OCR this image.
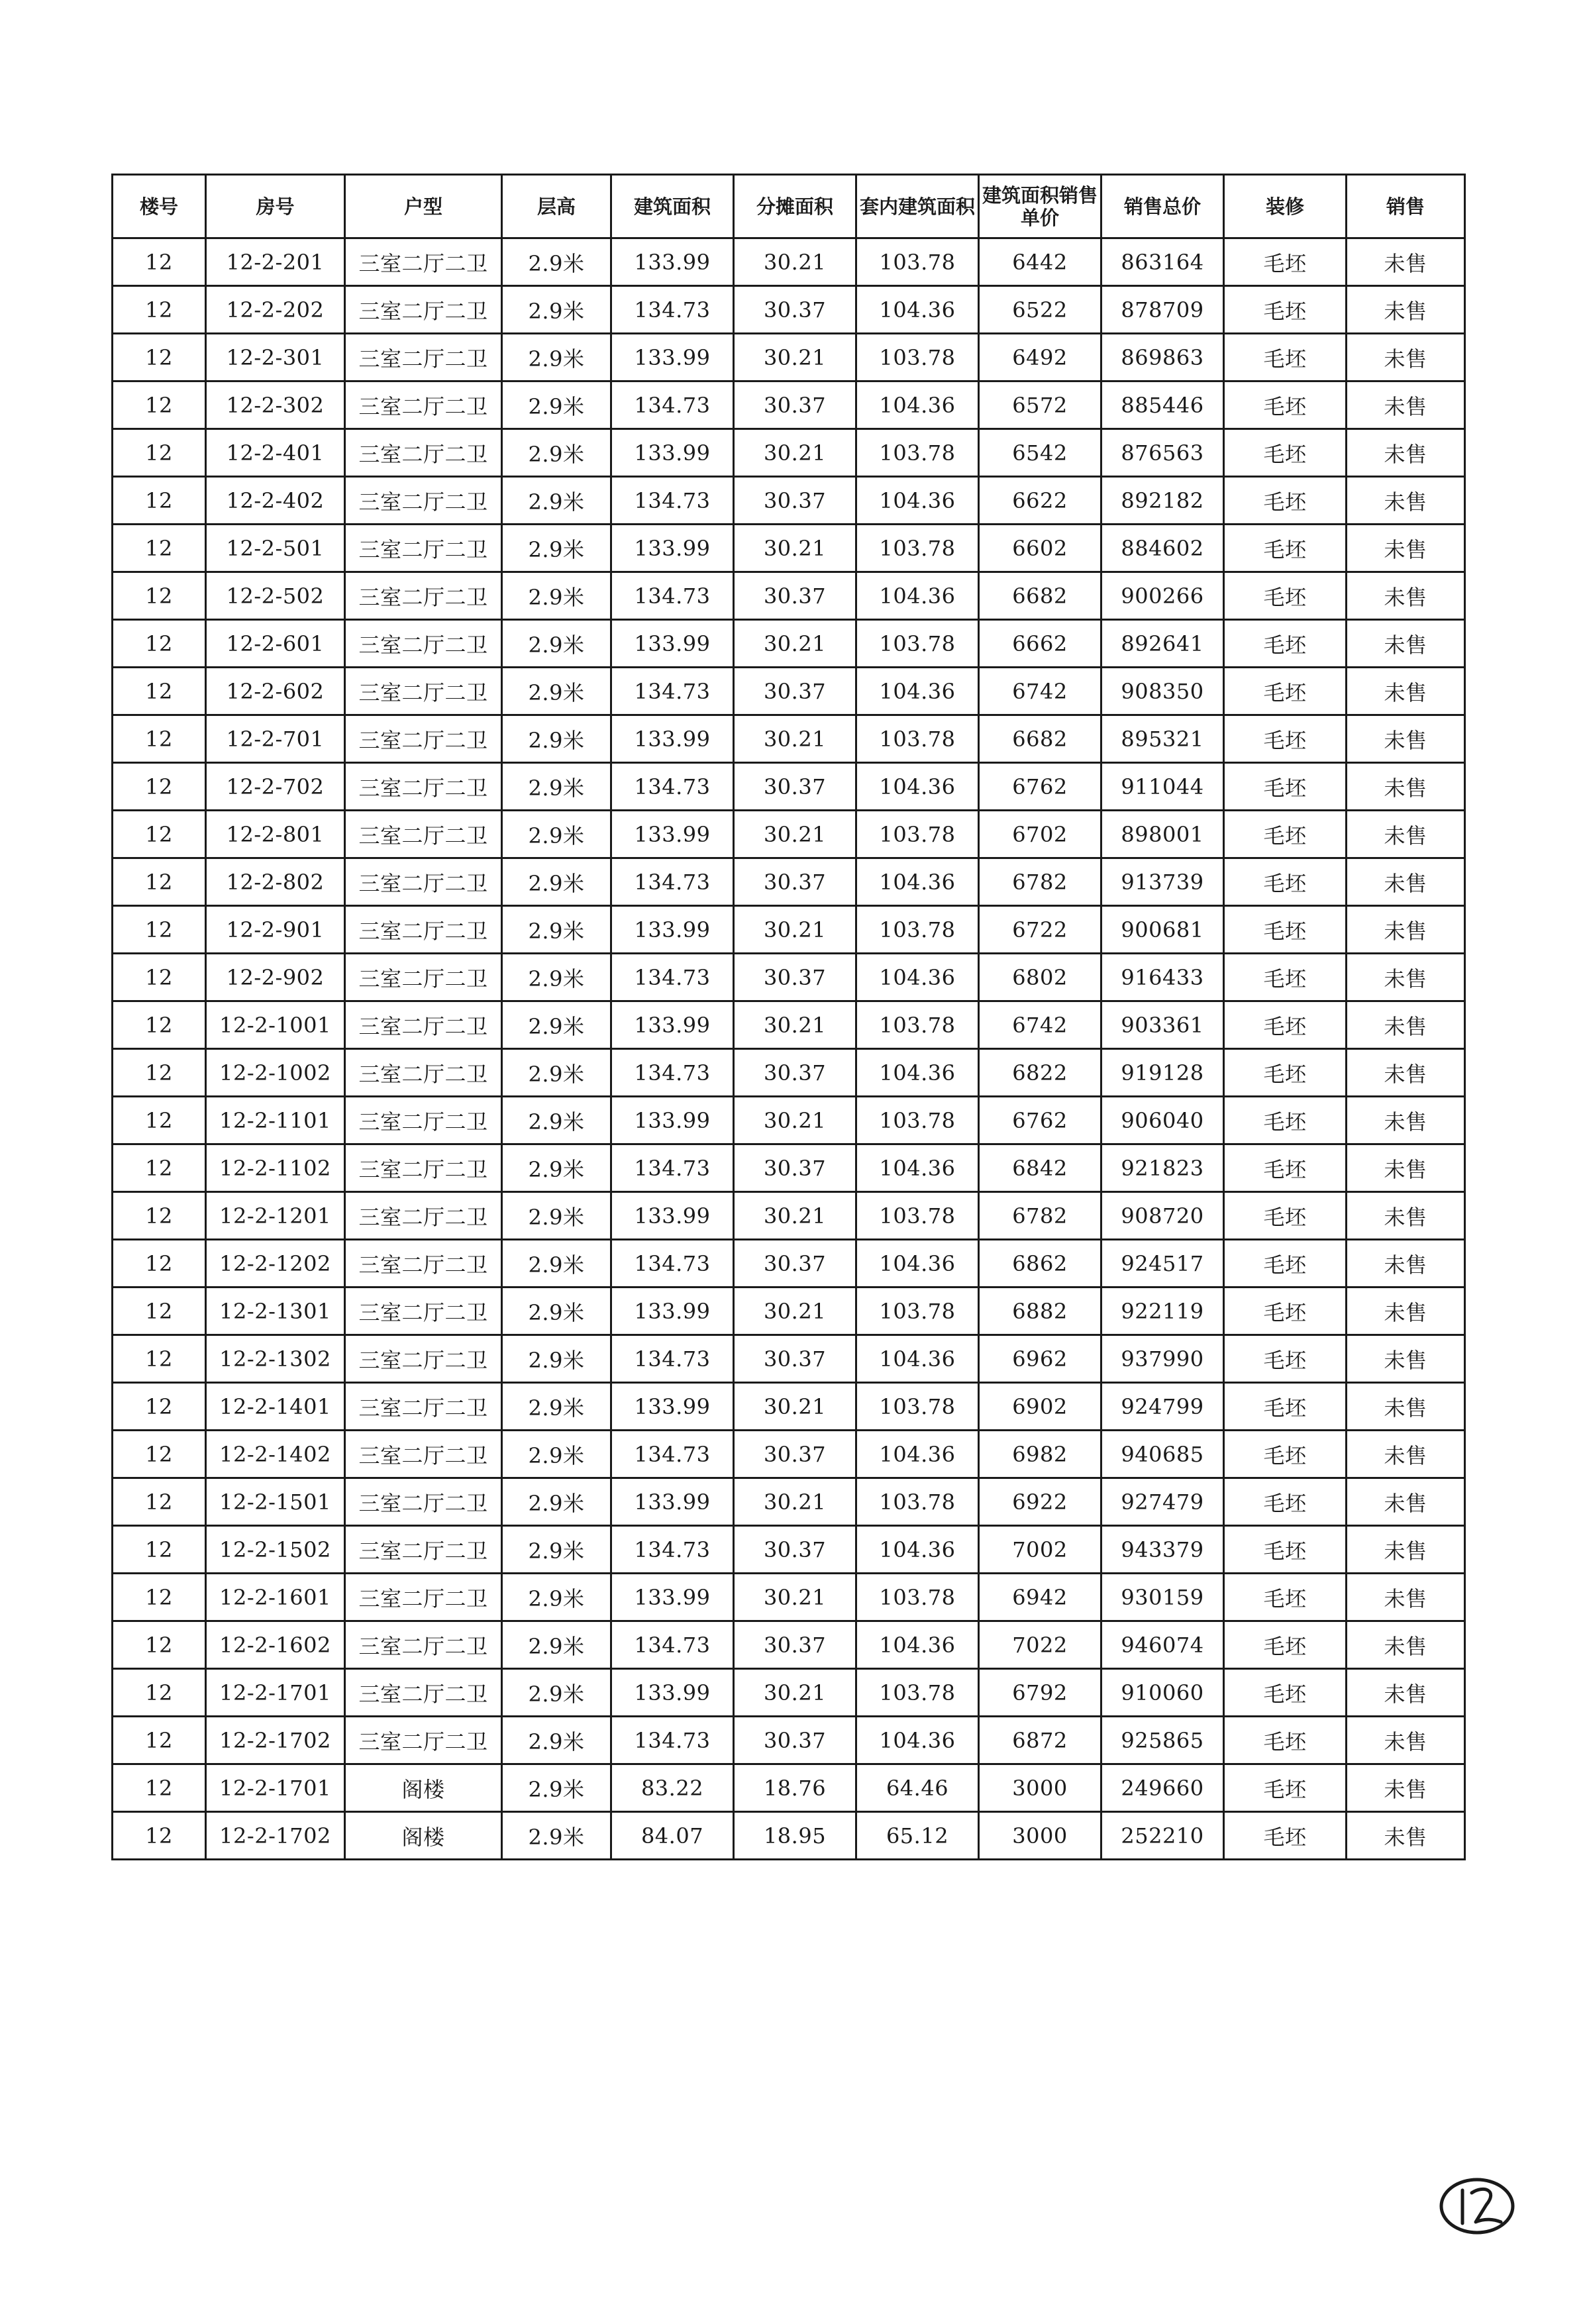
楼号	房号	户型	层高	建筑面积	分摊面积	套内建筑面积	建筑面积销售单价	销售总价	装修	销售
12	12-2-201	三室二厅二卫	2.9米	133.99	30.21	103.78	6442	863164	毛坯	未售
12	12-2-202	三室二厅二卫	2.9米	134.73	30.37	104.36	6522	878709	毛坯	未售
12	12-2-301	三室二厅二卫	2.9米	133.99	30.21	103.78	6492	869863	毛坯	未售
12	12-2-302	三室二厅二卫	2.9米	134.73	30.37	104.36	6572	885446	毛坯	未售
12	12-2-401	三室二厅二卫	2.9米	133.99	30.21	103.78	6542	876563	毛坯	未售
12	12-2-402	三室二厅二卫	2.9米	134.73	30.37	104.36	6622	892182	毛坯	未售
12	12-2-501	三室二厅二卫	2.9米	133.99	30.21	103.78	6602	884602	毛坯	未售
12	12-2-502	三室二厅二卫	2.9米	134.73	30.37	104.36	6682	900266	毛坯	未售
12	12-2-601	三室二厅二卫	2.9米	133.99	30.21	103.78	6662	892641	毛坯	未售
12	12-2-602	三室二厅二卫	2.9米	134.73	30.37	104.36	6742	908350	毛坯	未售
12	12-2-701	三室二厅二卫	2.9米	133.99	30.21	103.78	6682	895321	毛坯	未售
12	12-2-702	三室二厅二卫	2.9米	134.73	30.37	104.36	6762	911044	毛坯	未售
12	12-2-801	三室二厅二卫	2.9米	133.99	30.21	103.78	6702	898001	毛坯	未售
12	12-2-802	三室二厅二卫	2.9米	134.73	30.37	104.36	6782	913739	毛坯	未售
12	12-2-901	三室二厅二卫	2.9米	133.99	30.21	103.78	6722	900681	毛坯	未售
12	12-2-902	三室二厅二卫	2.9米	134.73	30.37	104.36	6802	916433	毛坯	未售
12	12-2-1001	三室二厅二卫	2.9米	133.99	30.21	103.78	6742	903361	毛坯	未售
12	12-2-1002	三室二厅二卫	2.9米	134.73	30.37	104.36	6822	919128	毛坯	未售
12	12-2-1101	三室二厅二卫	2.9米	133.99	30.21	103.78	6762	906040	毛坯	未售
12	12-2-1102	三室二厅二卫	2.9米	134.73	30.37	104.36	6842	921823	毛坯	未售
12	12-2-1201	三室二厅二卫	2.9米	133.99	30.21	103.78	6782	908720	毛坯	未售
12	12-2-1202	三室二厅二卫	2.9米	134.73	30.37	104.36	6862	924517	毛坯	未售
12	12-2-1301	三室二厅二卫	2.9米	133.99	30.21	103.78	6882	922119	毛坯	未售
12	12-2-1302	三室二厅二卫	2.9米	134.73	30.37	104.36	6962	937990	毛坯	未售
12	12-2-1401	三室二厅二卫	2.9米	133.99	30.21	103.78	6902	924799	毛坯	未售
12	12-2-1402	三室二厅二卫	2.9米	134.73	30.37	104.36	6982	940685	毛坯	未售
12	12-2-1501	三室二厅二卫	2.9米	133.99	30.21	103.78	6922	927479	毛坯	未售
12	12-2-1502	三室二厅二卫	2.9米	134.73	30.37	104.36	7002	943379	毛坯	未售
12	12-2-1601	三室二厅二卫	2.9米	133.99	30.21	103.78	6942	930159	毛坯	未售
12	12-2-1602	三室二厅二卫	2.9米	134.73	30.37	104.36	7022	946074	毛坯	未售
12	12-2-1701	三室二厅二卫	2.9米	133.99	30.21	103.78	6792	910060	毛坯	未售
12	12-2-1702	三室二厅二卫	2.9米	134.73	30.37	104.36	6872	925865	毛坯	未售
12	12-2-1701	阁楼	2.9米	83.22	18.76	64.46	3000	249660	毛坯	未售
12	12-2-1702	阁楼	2.9米	84.07	18.95	65.12	3000	252210	毛坯	未售
